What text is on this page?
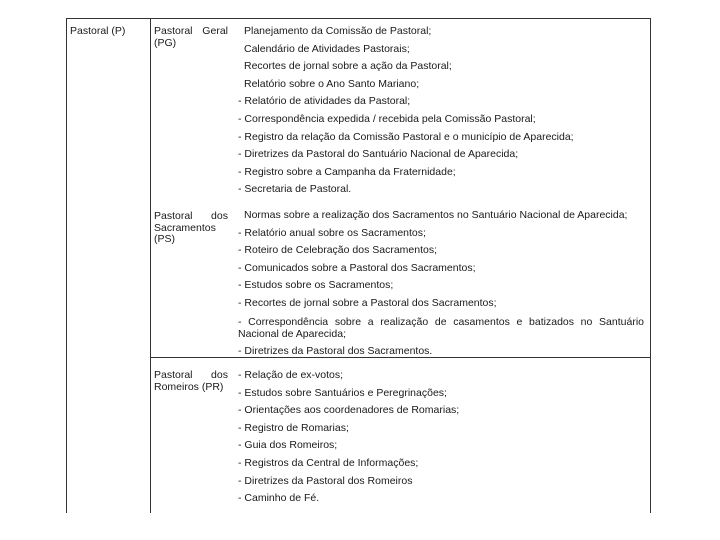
Pastoral (P)	Pastoral Geral
(PG)
Planejamento da Comissão de Pastoral;
Calendário de Atividades Pastorais;
Recortes de jornal sobre a ação da Pastoral;
Relatório sobre o Ano Santo Mariano;
- Relatório de atividades da Pastoral;
- Correspondência expedida / recebida pela Comissão Pastoral;
- Registro da relação da Comissão Pastoral e o município de Aparecida;
- Diretrizes da Pastoral do Santuário Nacional de Aparecida;
- Registro sobre a Campanha da Fraternidade;
- Secretaria de Pastoral.
Pastoral dos
Sacramentos
(PS)
Normas sobre a realização dos Sacramentos no Santuário Nacional de Aparecida;
- Relatório anual sobre os Sacramentos;
- Roteiro de Celebração dos Sacramentos;
- Comunicados sobre a Pastoral dos Sacramentos;
- Estudos sobre os Sacramentos;
- Recortes de jornal sobre a Pastoral dos Sacramentos;
- Correspondência sobre a realização de casamentos e batizados no Santuário
Nacional de Aparecida;
- Diretrizes da Pastoral dos Sacramentos.
Pastoral dos
Romeiros (PR)
- Relação de ex-votos;
- Estudos sobre Santuários e Peregrinações;
- Orientações aos coordenadores de Romarias;
- Registro de Romarias;
- Guia dos Romeiros;
- Registros da Central de Informações;
- Diretrizes da Pastoral dos Romeiros
- Caminho de Fé.
